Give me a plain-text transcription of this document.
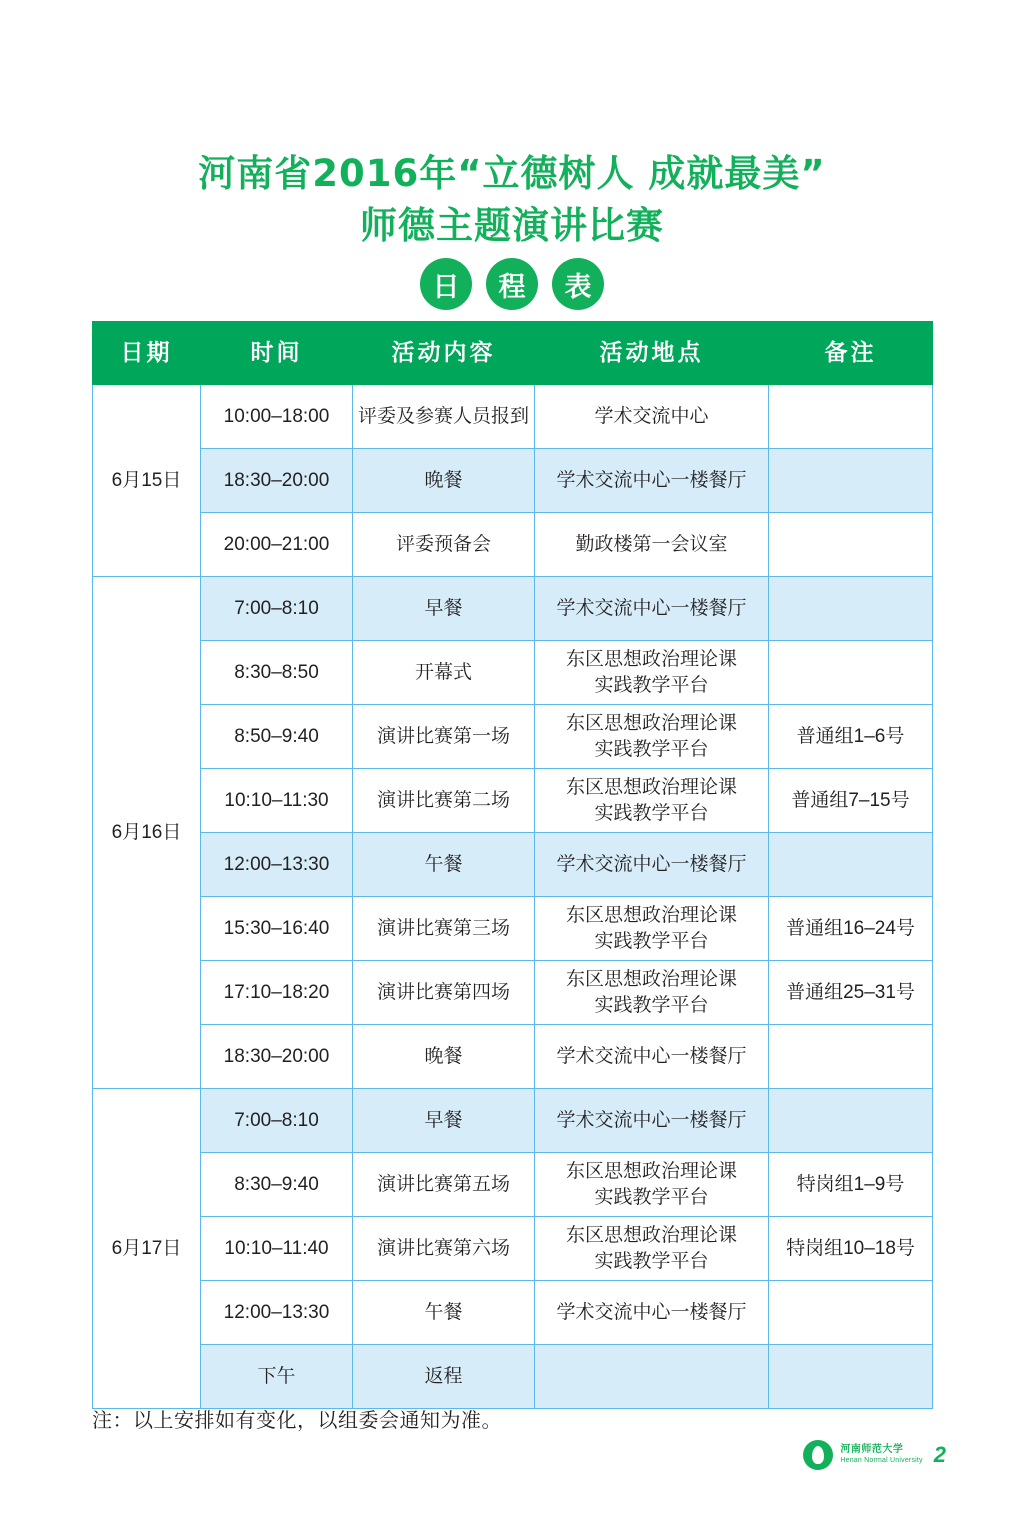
河南省2016年“立德树人 成就最美”
师德主题演讲比赛
日	程	表
日期	时间	活动内容	活动地点	备注
6月15日	10:00–18:00	评委及参赛人员报到	学术交流中心	
	18:30–20:00	晚餐	学术交流中心一楼餐厅	
	20:00–21:00	评委预备会	勤政楼第一会议室	
6月16日	7:00–8:10	早餐	学术交流中心一楼餐厅	
	8:30–8:50	开幕式	东区思想政治理论课
实践教学平台	
	8:50–9:40	演讲比赛第一场	东区思想政治理论课
实践教学平台	普通组1–6号
	10:10–11:30	演讲比赛第二场	东区思想政治理论课
实践教学平台	普通组7–15号
	12:00–13:30	午餐	学术交流中心一楼餐厅	
	15:30–16:40	演讲比赛第三场	东区思想政治理论课
实践教学平台	普通组16–24号
	17:10–18:20	演讲比赛第四场	东区思想政治理论课
实践教学平台	普通组25–31号
	18:30–20:00	晚餐	学术交流中心一楼餐厅	
6月17日	7:00–8:10	早餐	学术交流中心一楼餐厅	
	8:30–9:40	演讲比赛第五场	东区思想政治理论课
实践教学平台	特岗组1–9号
	10:10–11:40	演讲比赛第六场	东区思想政治理论课
实践教学平台	特岗组10–18号
	12:00–13:30	午餐	学术交流中心一楼餐厅	
	下午	返程		
注：以上安排如有变化，以组委会通知为准。
河南师范大学
Henan Normal University 2
